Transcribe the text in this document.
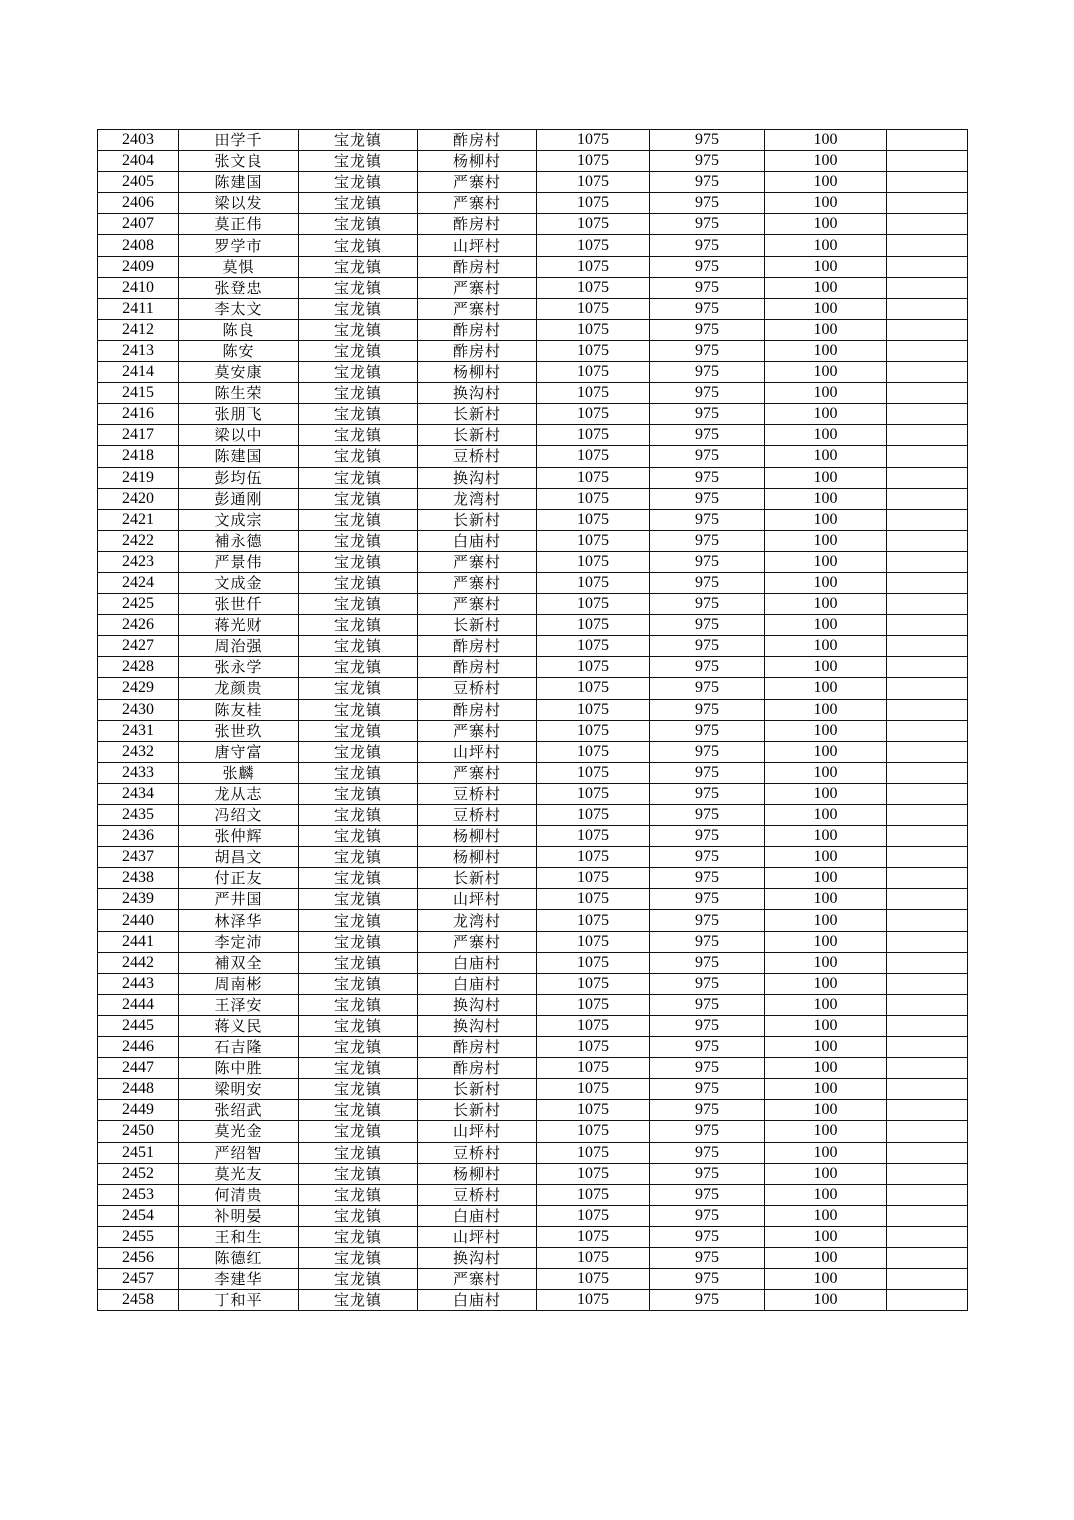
2403	田学千	宝龙镇	酢房村	1075	975	100	
2404	张文良	宝龙镇	杨柳村	1075	975	100	
2405	陈建国	宝龙镇	严寨村	1075	975	100	
2406	梁以发	宝龙镇	严寨村	1075	975	100	
2407	莫正伟	宝龙镇	酢房村	1075	975	100	
2408	罗学市	宝龙镇	山坪村	1075	975	100	
2409	莫惧	宝龙镇	酢房村	1075	975	100	
2410	张登忠	宝龙镇	严寨村	1075	975	100	
2411	李太文	宝龙镇	严寨村	1075	975	100	
2412	陈良	宝龙镇	酢房村	1075	975	100	
2413	陈安	宝龙镇	酢房村	1075	975	100	
2414	莫安康	宝龙镇	杨柳村	1075	975	100	
2415	陈生荣	宝龙镇	换沟村	1075	975	100	
2416	张朋飞	宝龙镇	长新村	1075	975	100	
2417	梁以中	宝龙镇	长新村	1075	975	100	
2418	陈建国	宝龙镇	豆桥村	1075	975	100	
2419	彭均伍	宝龙镇	换沟村	1075	975	100	
2420	彭通刚	宝龙镇	龙湾村	1075	975	100	
2421	文成宗	宝龙镇	长新村	1075	975	100	
2422	補永德	宝龙镇	白庙村	1075	975	100	
2423	严景伟	宝龙镇	严寨村	1075	975	100	
2424	文成金	宝龙镇	严寨村	1075	975	100	
2425	张世仟	宝龙镇	严寨村	1075	975	100	
2426	蒋光财	宝龙镇	长新村	1075	975	100	
2427	周治强	宝龙镇	酢房村	1075	975	100	
2428	张永学	宝龙镇	酢房村	1075	975	100	
2429	龙颜贵	宝龙镇	豆桥村	1075	975	100	
2430	陈友桂	宝龙镇	酢房村	1075	975	100	
2431	张世玖	宝龙镇	严寨村	1075	975	100	
2432	唐守富	宝龙镇	山坪村	1075	975	100	
2433	张麟	宝龙镇	严寨村	1075	975	100	
2434	龙从志	宝龙镇	豆桥村	1075	975	100	
2435	冯绍文	宝龙镇	豆桥村	1075	975	100	
2436	张仲辉	宝龙镇	杨柳村	1075	975	100	
2437	胡昌文	宝龙镇	杨柳村	1075	975	100	
2438	付正友	宝龙镇	长新村	1075	975	100	
2439	严井国	宝龙镇	山坪村	1075	975	100	
2440	林泽华	宝龙镇	龙湾村	1075	975	100	
2441	李定沛	宝龙镇	严寨村	1075	975	100	
2442	補双全	宝龙镇	白庙村	1075	975	100	
2443	周南彬	宝龙镇	白庙村	1075	975	100	
2444	王泽安	宝龙镇	换沟村	1075	975	100	
2445	蒋义民	宝龙镇	换沟村	1075	975	100	
2446	石吉隆	宝龙镇	酢房村	1075	975	100	
2447	陈中胜	宝龙镇	酢房村	1075	975	100	
2448	梁明安	宝龙镇	长新村	1075	975	100	
2449	张绍武	宝龙镇	长新村	1075	975	100	
2450	莫光金	宝龙镇	山坪村	1075	975	100	
2451	严绍智	宝龙镇	豆桥村	1075	975	100	
2452	莫光友	宝龙镇	杨柳村	1075	975	100	
2453	何清贵	宝龙镇	豆桥村	1075	975	100	
2454	补明晏	宝龙镇	白庙村	1075	975	100	
2455	王和生	宝龙镇	山坪村	1075	975	100	
2456	陈德红	宝龙镇	换沟村	1075	975	100	
2457	李建华	宝龙镇	严寨村	1075	975	100	
2458	丁和平	宝龙镇	白庙村	1075	975	100	
